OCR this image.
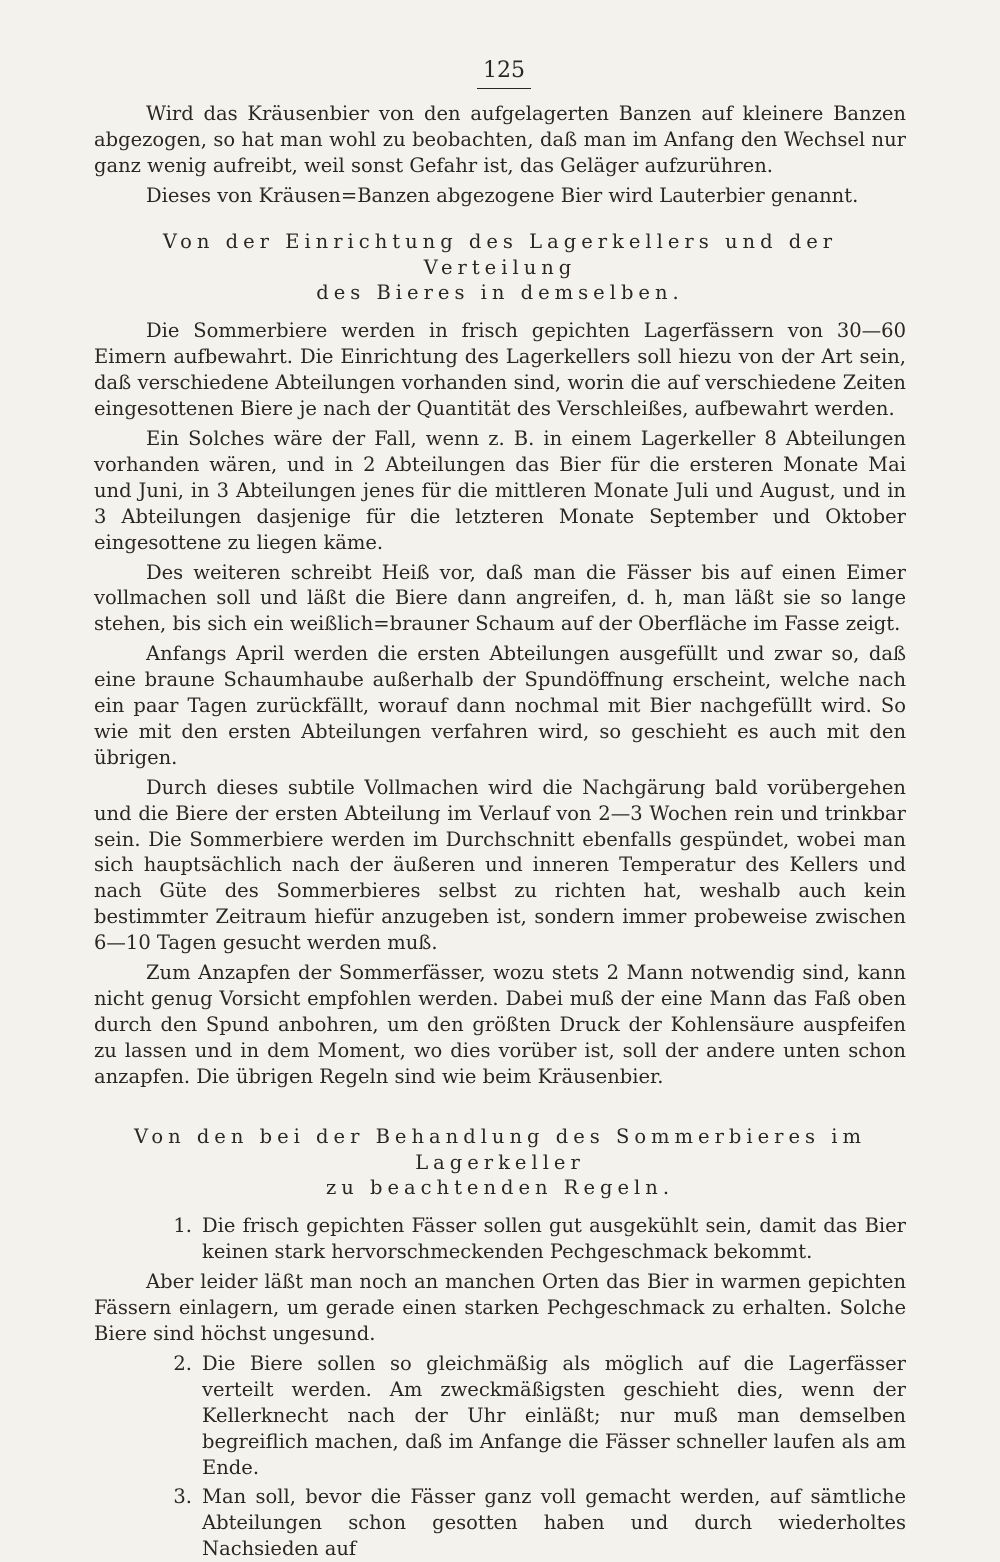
125

Wird das Kräusenbier von den aufgelagerten Banzen auf kleinere Banzen abgezogen, so hat man wohl zu beobachten, daß man im Anfang den Wechsel nur ganz wenig aufreibt, weil sonst Gefahr ist, das Geläger aufzurühren.

Dieses von Kräusen=Banzen abgezogene Bier wird Lauterbier genannt.

Von der Einrichtung des Lagerkellers und der Verteilung
des Bieres in demselben.

Die Sommerbiere werden in frisch gepichten Lagerfässern von 30—60 Eimern aufbewahrt. Die Einrichtung des Lagerkellers soll hiezu von der Art sein, daß verschiedene Abteilungen vorhanden sind, worin die auf verschiedene Zeiten eingesottenen Biere je nach der Quantität des Verschleißes, aufbewahrt werden.

Ein Solches wäre der Fall, wenn z. B. in einem Lagerkeller 8 Abteilungen vorhanden wären, und in 2 Abteilungen das Bier für die ersteren Monate Mai und Juni, in 3 Abteilungen jenes für die mittleren Monate Juli und August, und in 3 Abteilungen dasjenige für die letzteren Monate September und Oktober eingesottene zu liegen käme.

Des weiteren schreibt Heiß vor, daß man die Fässer bis auf einen Eimer vollmachen soll und läßt die Biere dann angreifen, d. h, man läßt sie so lange stehen, bis sich ein weißlich=brauner Schaum auf der Oberfläche im Fasse zeigt.

Anfangs April werden die ersten Abteilungen ausgefüllt und zwar so, daß eine braune Schaumhaube außerhalb der Spundöffnung erscheint, welche nach ein paar Tagen zurückfällt, worauf dann nochmal mit Bier nachgefüllt wird. So wie mit den ersten Abteilungen verfahren wird, so geschieht es auch mit den übrigen.

Durch dieses subtile Vollmachen wird die Nachgärung bald vorübergehen und die Biere der ersten Abteilung im Verlauf von 2—3 Wochen rein und trinkbar sein. Die Sommerbiere werden im Durchschnitt ebenfalls gespündet, wobei man sich hauptsächlich nach der äußeren und inneren Temperatur des Kellers und nach Güte des Sommerbieres selbst zu richten hat, weshalb auch kein bestimmter Zeitraum hiefür anzugeben ist, sondern immer probeweise zwischen 6—10 Tagen gesucht werden muß.

Zum Anzapfen der Sommerfässer, wozu stets 2 Mann notwendig sind, kann nicht genug Vorsicht empfohlen werden. Dabei muß der eine Mann das Faß oben durch den Spund anbohren, um den größten Druck der Kohlensäure auspfeifen zu lassen und in dem Moment, wo dies vorüber ist, soll der andere unten schon anzapfen. Die übrigen Regeln sind wie beim Kräusenbier.

Von den bei der Behandlung des Sommerbieres im Lagerkeller
zu beachtenden Regeln.
1. Die frisch gepichten Fässer sollen gut ausgekühlt sein, damit das Bier keinen stark hervorschmeckenden Pechgeschmack bekommt.

Aber leider läßt man noch an manchen Orten das Bier in warmen gepichten Fässern einlagern, um gerade einen starken Pechgeschmack zu erhalten. Solche Biere sind höchst ungesund.

2. Die Biere sollen so gleichmäßig als möglich auf die Lagerfässer verteilt werden. Am zweckmäßigsten geschieht dies, wenn der Kellerknecht nach der Uhr einläßt; nur muß man demselben begreiflich machen, daß im Anfange die Fässer schneller laufen als am Ende.
3. Man soll, bevor die Fässer ganz voll gemacht werden, auf sämtliche Abteilungen schon gesotten haben und durch wiederholtes Nachsieden auf
